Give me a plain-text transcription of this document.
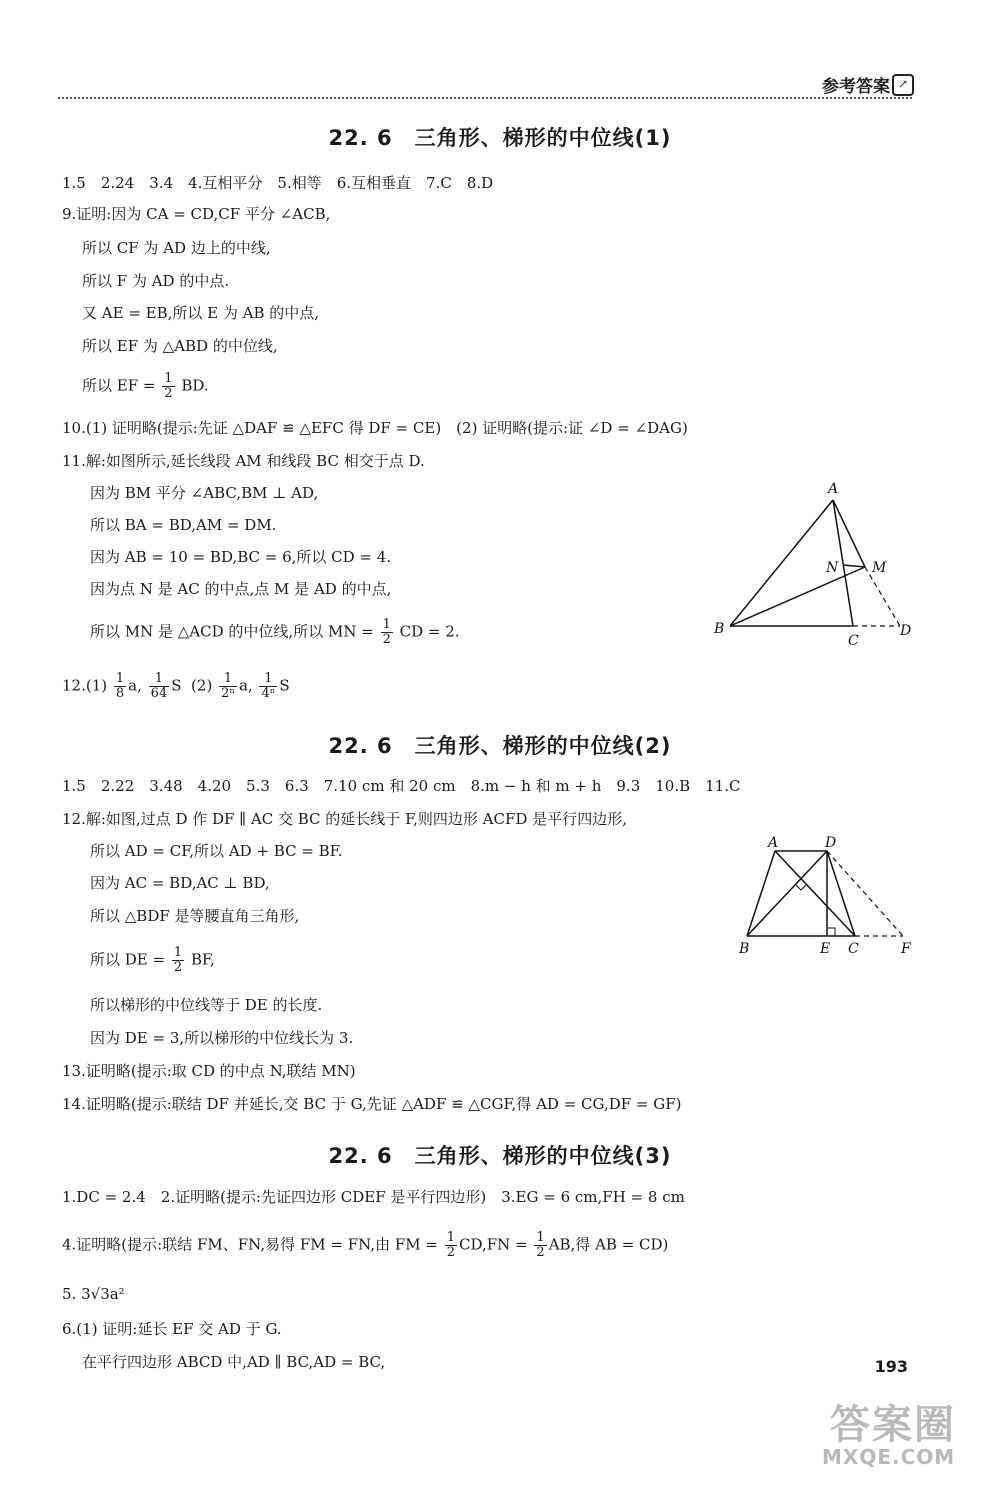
参考答案 ↗
22. 6　三角形、梯形的中位线(1)
1.5　2.24　3.4　4.互相平分　5.相等　6.互相垂直　7.C　8.D
9.证明:因为 CA = CD,CF 平分 ∠ACB,
所以 CF 为 AD 边上的中线,
所以 F 为 AD 的中点.
又 AE = EB,所以 E 为 AB 的中点,
所以 EF 为 △ABD 的中位线,
所以 EF = $\frac{1}{2}$ BD.
10.(1) 证明略(提示:先证 △DAF ≌ △EFC 得 DF = CE)　(2) 证明略(提示:证 ∠D = ∠DAG)
11.解:如图所示,延长线段 AM 和线段 BC 相交于点 D.
因为 BM 平分 ∠ABC,BM ⊥ AD,
所以 BA = BD,AM = DM.
因为 AB = 10 = BD,BC = 6,所以 CD = 4.
因为点 N 是 AC 的中点,点 M 是 AD 的中点,
所以 MN 是 △ACD 的中位线,所以 MN = $\frac{1}{2}$ CD = 2.
$12.(1) \frac{1}{8} a$, $\frac{1}{64}$ S $(2) \frac{1}{\text{2ⁿ}} a$, $\frac{1}{\text{4ⁿ}}$ S
A
B
C
D
M
N
22. 6　三角形、梯形的中位线(2)
1.5　2.22　3.48　4.20　5.3　6.3　7.10 cm 和 20 cm　8.m − h 和 m + h　9.3　10.B　11.C
12.解:如图,过点 D 作 DF ∥ AC 交 BC 的延长线于 F,则四边形 ACFD 是平行四边形,
所以 AD = CF,所以 AD + BC = BF.
因为 AC = BD,AC ⊥ BD,
所以 △BDF 是等腰直角三角形,
所以 DE = $\frac{1}{2}$ BF,
所以梯形的中位线等于 DE 的长度.
因为 DE = 3,所以梯形的中位线长为 3.
13.证明略(提示:取 CD 的中点 N,联结 MN)
14.证明略(提示:联结 DF 并延长,交 BC 于 G,先证 △ADF ≌ △CGF,得 AD = CG,DF = GF)
A	D
B	E C	F
22. 6　三角形、梯形的中位线(3)
1.DC = 2.4　2.证明略(提示:先证四边形 CDEF 是平行四边形)　3.EG = 6 cm,FH = 8 cm
4.证明略(提示:联结 FM、FN,易得 FM = FN,由 FM = $\frac{1}{2} CD,FN = \frac{1}{2}$ AB,得 AB = CD)
5. 3√3a²
6.(1) 证明:延长 EF 交 AD 于 G.
在平行四边形 ABCD 中,AD ∥ BC,AD = BC,	193
答案圈
MXQE.COM
